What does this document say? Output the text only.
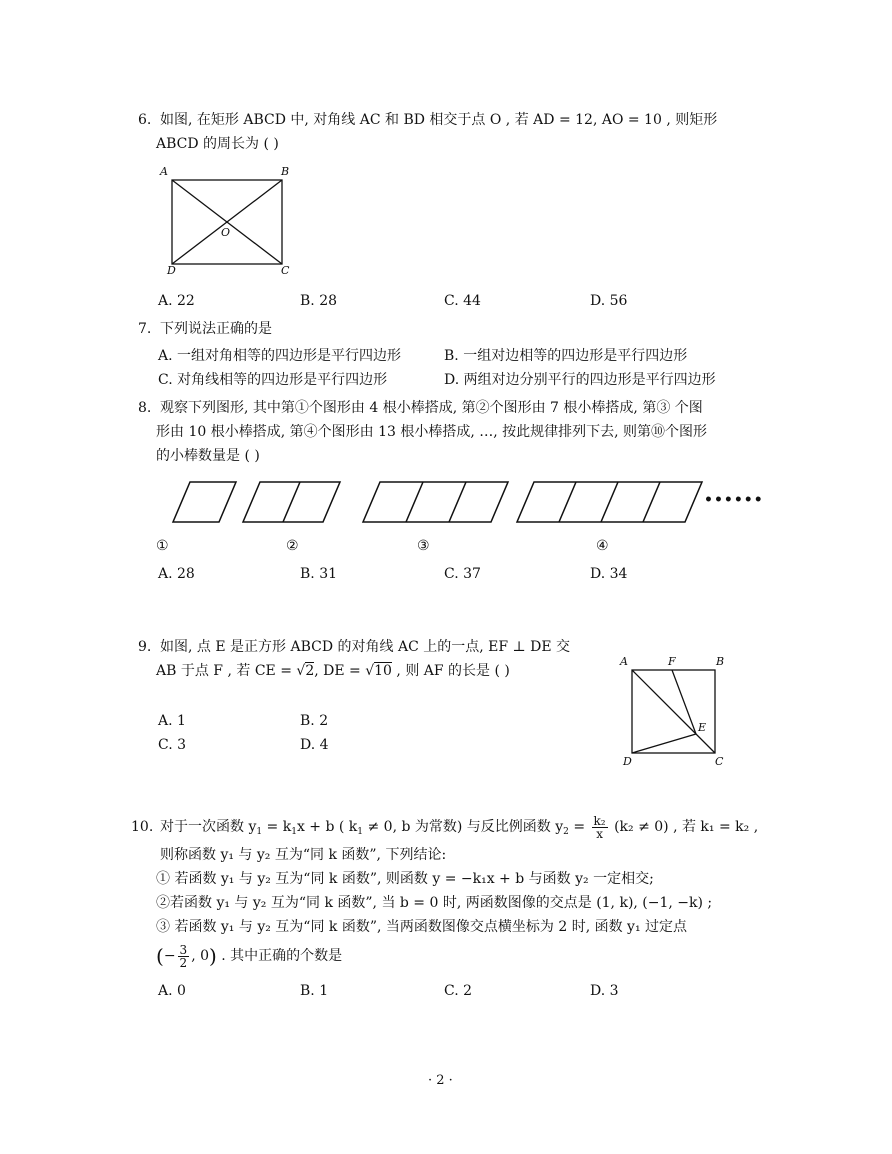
6. 如图, 在矩形 ABCD 中, 对角线 AC 和 BD 相交于点 O , 若 AD = 12, AO = 10 , 则矩形
ABCD 的周长为 ( )
A	B
C
D
O
A. 22	B. 28	C. 44	D. 56
7. 下列说法正确的是
A. 一组对角相等的四边形是平行四边形	B. 一组对边相等的四边形是平行四边形
C. 对角线相等的四边形是平行四边形	D. 两组对边分别平行的四边形是平行四边形
8. 观察下列图形, 其中第①个图形由 4 根小棒搭成, 第②个图形由 7 根小棒搭成, 第③ 个图
形由 10 根小棒搭成, 第④个图形由 13 根小棒搭成, …, 按此规律排列下去, 则第⑩个图形
的小棒数量是 ( )
••••••
①	②	③	④
A. 28	B. 31	C. 37	D. 34
9. 如图, 点 E 是正方形 ABCD 的对角线 AC 上的一点, EF ⊥ DE 交
AB 于点 F , 若 CE = √2, DE = √10 , 则 AF 的长是 ( )
A	F	B
E
D	C
A. 1	B. 2
C. 3	D. 4
10. 对于一次函数 $y_1 = k_1x + b$ ( $k_1 \ne 0$, b 为常数) 与反比例函数 $y_2 = \frac{\text{k₂}}{x} (k_2 \ne 0)$ , 若 k₁ = k₂ ,
则称函数 y₁ 与 y₂ 互为“同 k 函数”, 下列结论:
① 若函数 y₁ 与 y₂ 互为“同 k 函数”, 则函数 y = −k₁x + b 与函数 y₂ 一定相交;
②若函数 y₁ 与 y₂ 互为“同 k 函数”, 当 b = 0 时, 两函数图像的交点是 (1, k), (−1, −k) ;
③ 若函数 y₁ 与 y₂ 互为“同 k 函数”, 当两函数图像交点横坐标为 2 时, 函数 y₁ 过定点
(− $\frac{3}{2}$ , 0) . 其中正确的个数是
A. 0	B. 1	C. 2	D. 3
· 2 ·
